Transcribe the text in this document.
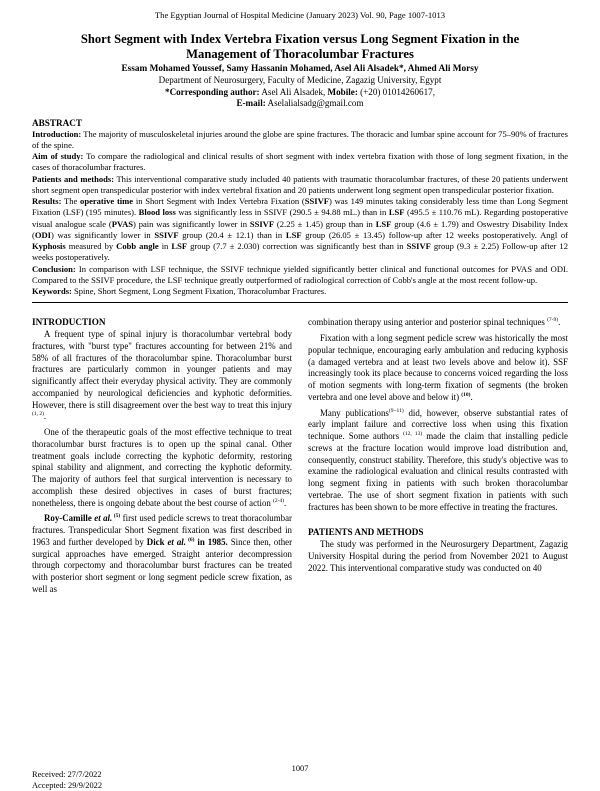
The Egyptian Journal of Hospital Medicine (January 2023) Vol. 90, Page 1007-1013
Short Segment with Index Vertebra Fixation versus Long Segment Fixation in the
Management of Thoracolumbar Fractures
Essam Mohamed Youssef, Samy Hassanin Mohamed, Asel Ali Alsadek*, Ahmed Ali Morsy
Department of Neurosurgery, Faculty of Medicine, Zagazig University, Egypt
*Corresponding author: Asel Ali Alsadek, Mobile: (+20) 01014260617,
E-mail: Aselalialsadg@gmail.com
ABSTRACT

Introduction: The majority of musculoskeletal injuries around the globe are spine fractures. The thoracic and lumbar spine account for 75–90% of fractures of the spine.

Aim of study: To compare the radiological and clinical results of short segment with index vertebra fixation with those of long segment fixation, in the cases of thoracolumbar fractures.

Patients and methods: This interventional comparative study included 40 patients with traumatic thoracolumbar fractures, of these 20 patients underwent short segment open transpedicular posterior with index vertebral fixation and 20 patients underwent long segment open transpedicular posterior fixation.

Results: The operative time in Short Segment with Index Vertebra Fixation (SSIVF) was 149 minutes taking considerably less time than Long Segment Fixation (LSF) (195 minutes). Blood loss was significantly less in SSIVF (290.5 ± 94.88 mL.) than in LSF (495.5 ± 110.76 mL). Regarding postoperative visual analogue scale (PVAS) pain was significantly lower in SSIVF (2.25 ± 1.45) group than in LSF group (4.6 ± 1.79) and Oswestry Disability Index (ODI) was significantly lower in SSIVF group (20.4 ± 12.1) than in LSF group (26.05 ± 13.45) follow-up after 12 weeks postoperatively. Angl of Kyphosis measured by Cobb angle in LSF group (7.7 ± 2.030) correction was significantly best than in SSIVF group (9.3 ± 2.25) Follow-up after 12 weeks postoperatively.

Conclusion: In comparison with LSF technique, the SSIVF technique yielded significantly better clinical and functional outcomes for PVAS and ODI. Compared to the SSIVF procedure, the LSF technique greatly outperformed of radiological correction of Cobb's angle at the most recent follow-up.

Keywords: Spine, Short Segment, Long Segment Fixation, Thoracolumbar Fractures.

INTRODUCTION

A frequent type of spinal injury is thoracolumbar vertebral body fractures, with "burst type" fractures accounting for between 21% and 58% of all fractures of the thoracolumbar spine. Thoracolumbar burst fractures are particularly common in younger patients and may significantly affect their everyday physical activity. They are commonly accompanied by neurological deficiencies and kyphotic deformities. However, there is still disagreement over the best way to treat this injury $^{(1, 2)}$.

One of the therapeutic goals of the most effective technique to treat thoracolumbar burst fractures is to open up the spinal canal. Other treatment goals include correcting the kyphotic deformity, restoring spinal stability and alignment, and correcting the kyphotic deformity. The majority of authors feel that surgical intervention is necessary to accomplish these desired objectives in cases of burst fractures; nonetheless, there is ongoing debate about the best course of action $^{(2-4)}$.

Roy-Camille et al. $^{(5)}$ first used pedicle screws to treat thoracolumbar fractures. Transpedicular Short Segment fixation was first described in 1963 and further developed by Dick et al. $^{(6)}$ in 1985. Since then, other surgical approaches have emerged. Straight anterior decompression through corpectomy and thoracolumbar burst fractures can be treated with posterior short segment or long segment pedicle screw fixation, as well as

combination therapy using anterior and posterior spinal techniques $^{(7-9)}$.

Fixation with a long segment pedicle screw was historically the most popular technique, encouraging early ambulation and reducing kyphosis (a damaged vertebra and at least two levels above and below it). SSF increasingly took its place because to concerns voiced regarding the loss of motion segments with long-term fixation of segments (the broken vertebra and one level above and below it) $^{(10)}$.

Many publications$^{(9-11)}$ did, however, observe substantial rates of early implant failure and corrective loss when using this fixation technique. Some authors $^{(12, 13)}$ made the claim that installing pedicle screws at the fracture location would improve load distribution and, consequently, construct stability. Therefore, this study's objective was to examine the radiological evaluation and clinical results contrasted with long segment fixing in patients with such broken thoracolumbar vertebrae. The use of short segment fixation in patients with such fractures has been shown to be more effective in treating the fractures.

PATIENTS AND METHODS

The study was performed in the Neurosurgery Department, Zagazig University Hospital during the period from November 2021 to August 2022. This interventional comparative study was conducted on 40

1007
Received: 27/7/2022
Accepted: 29/9/2022
